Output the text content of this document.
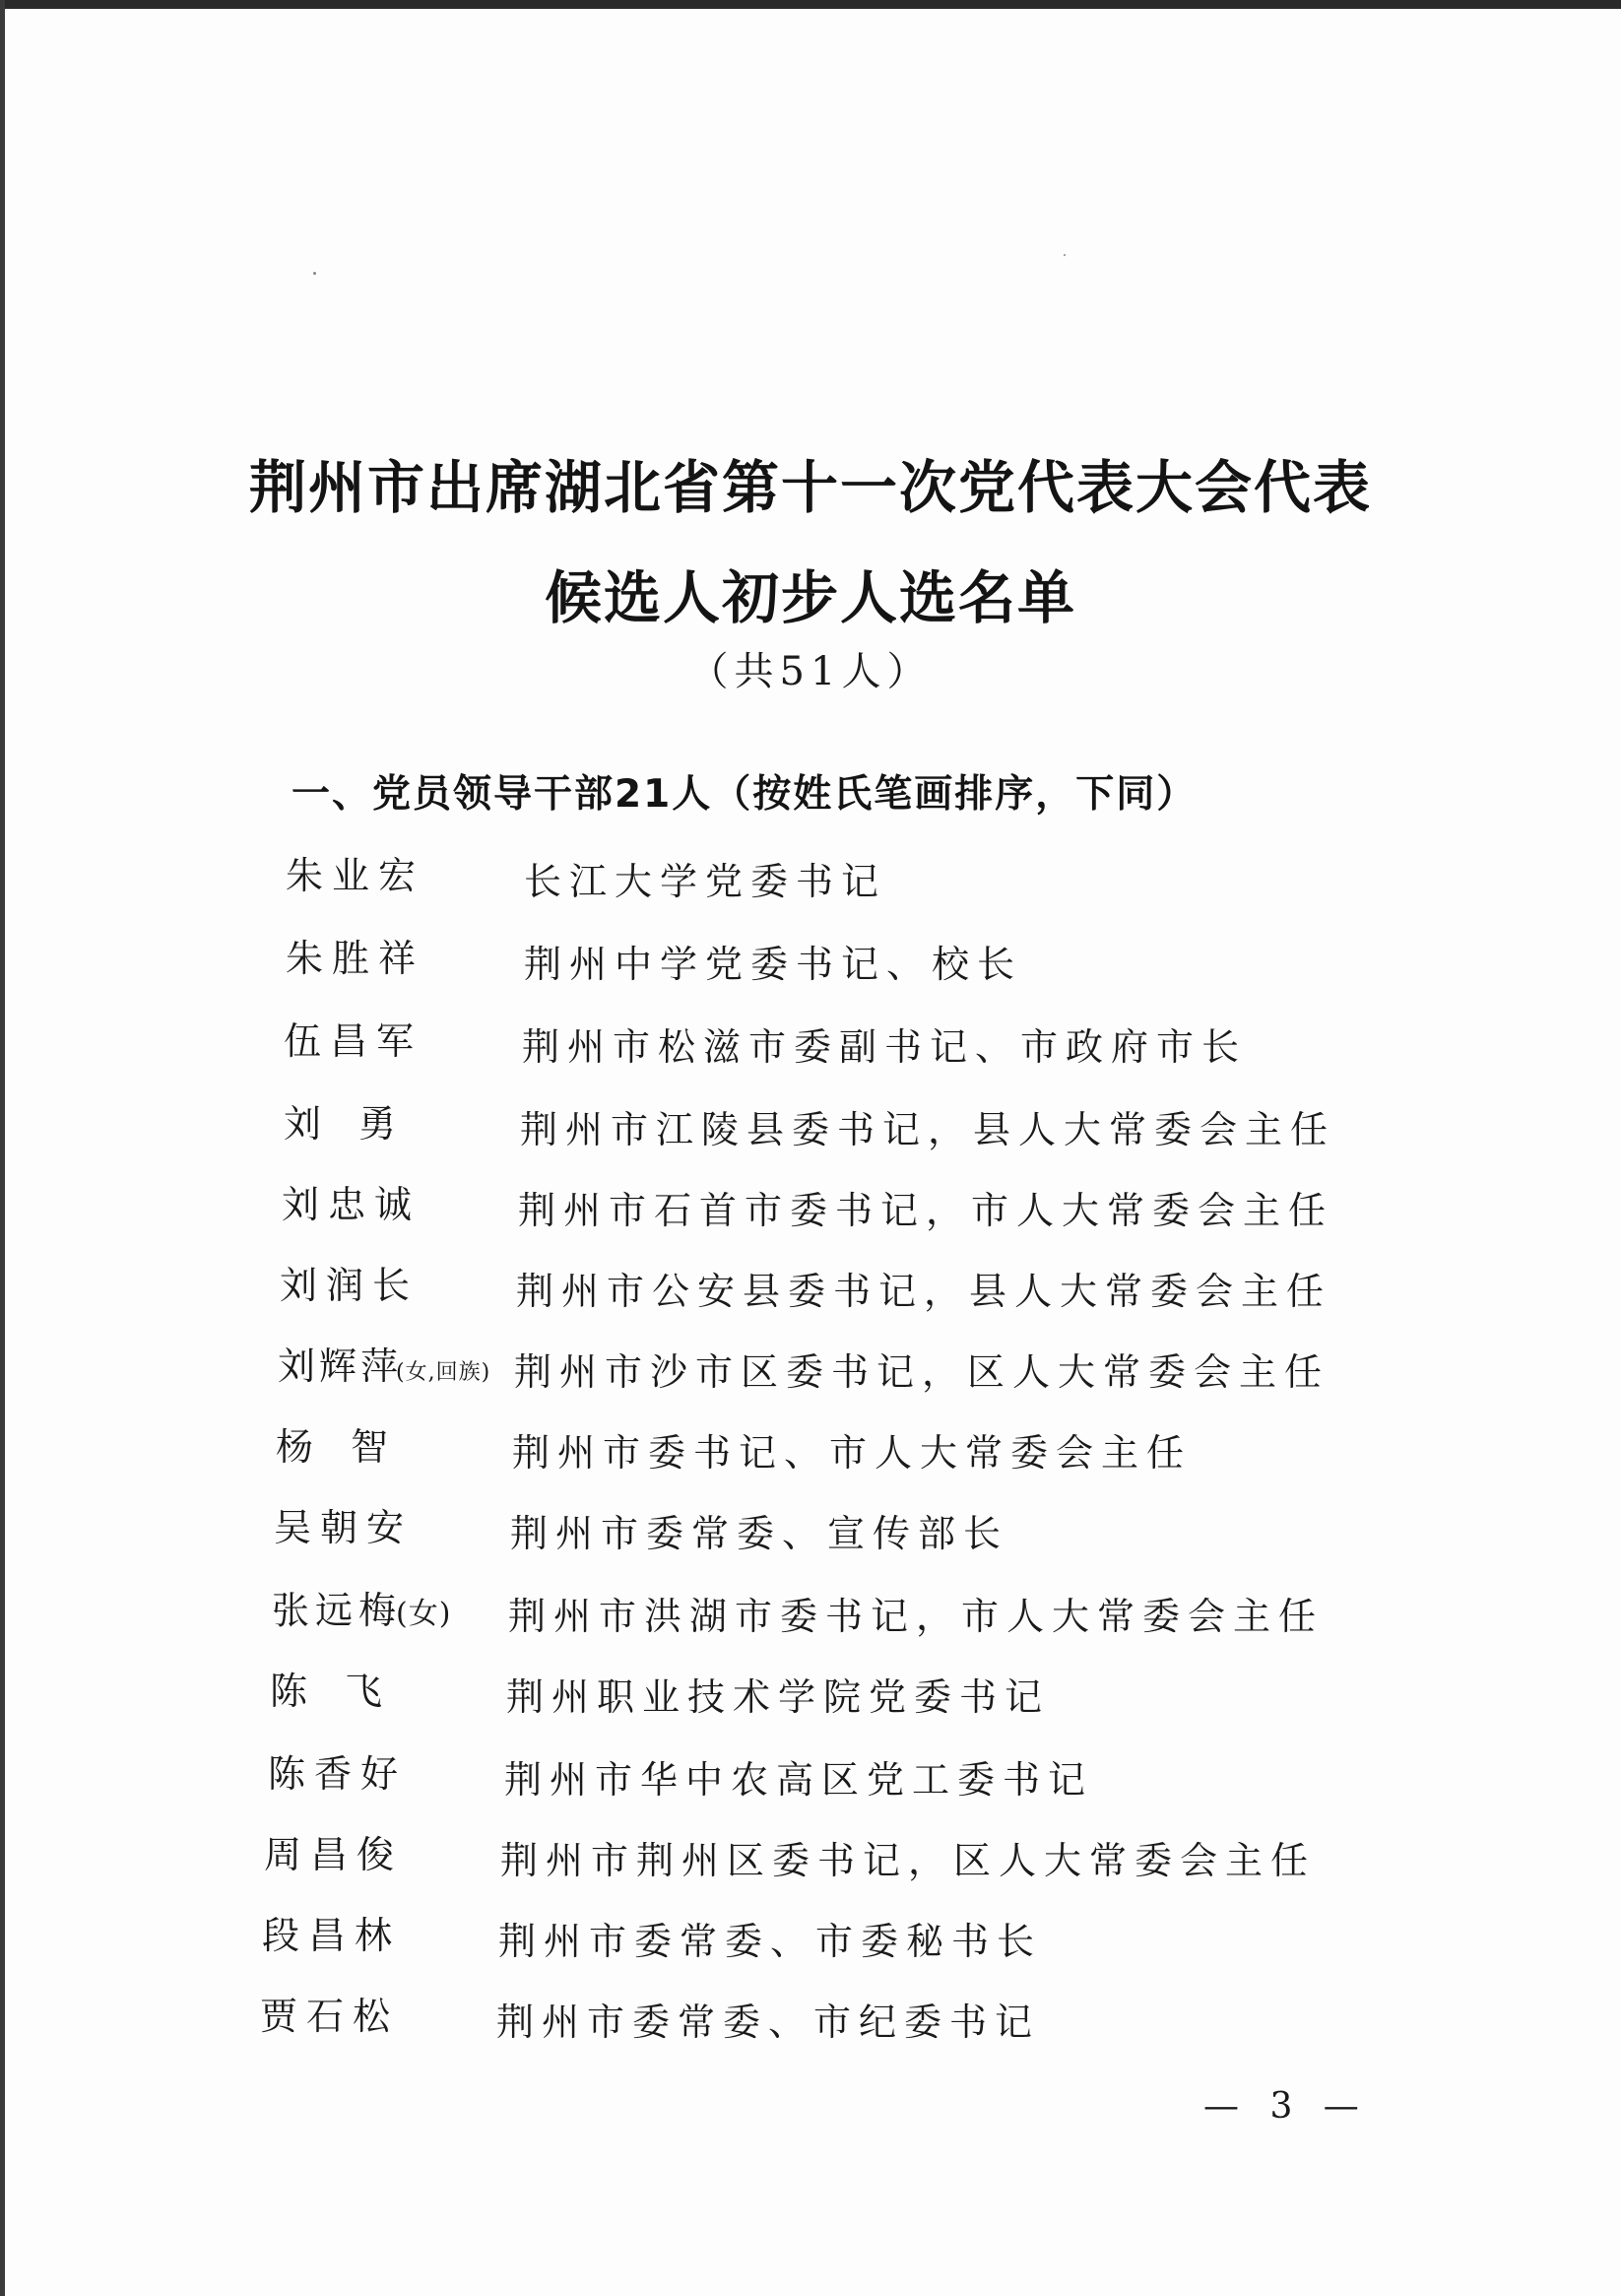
荆州市出席湖北省第十一次党代表大会代表
候选人初步人选名单
（共51人）
一、党员领导干部21人（按姓氏笔画排序，下同）
朱业宏	长江大学党委书记
朱胜祥	荆州中学党委书记、校长
伍昌军	荆州市松滋市委副书记、市政府市长
刘勇 荆州市江陵县委书记，县人大常委会主任
刘忠诚	荆州市石首市委书记，市人大常委会主任
刘润长	荆州市公安县委书记，县人大常委会主任
刘辉萍(女,回族) 荆州市沙市区委书记，区人大常委会主任
杨智 荆州市委书记、市人大常委会主任
吴朝安	荆州市委常委、宣传部长
张远梅(女) 荆州市洪湖市委书记，市人大常委会主任
陈飞 荆州职业技术学院党委书记
陈香好	荆州市华中农高区党工委书记
周昌俊	荆州市荆州区委书记，区人大常委会主任
段昌林	荆州市委常委、市委秘书长
贾石松	荆州市委常委、市纪委书记
— 3 —
